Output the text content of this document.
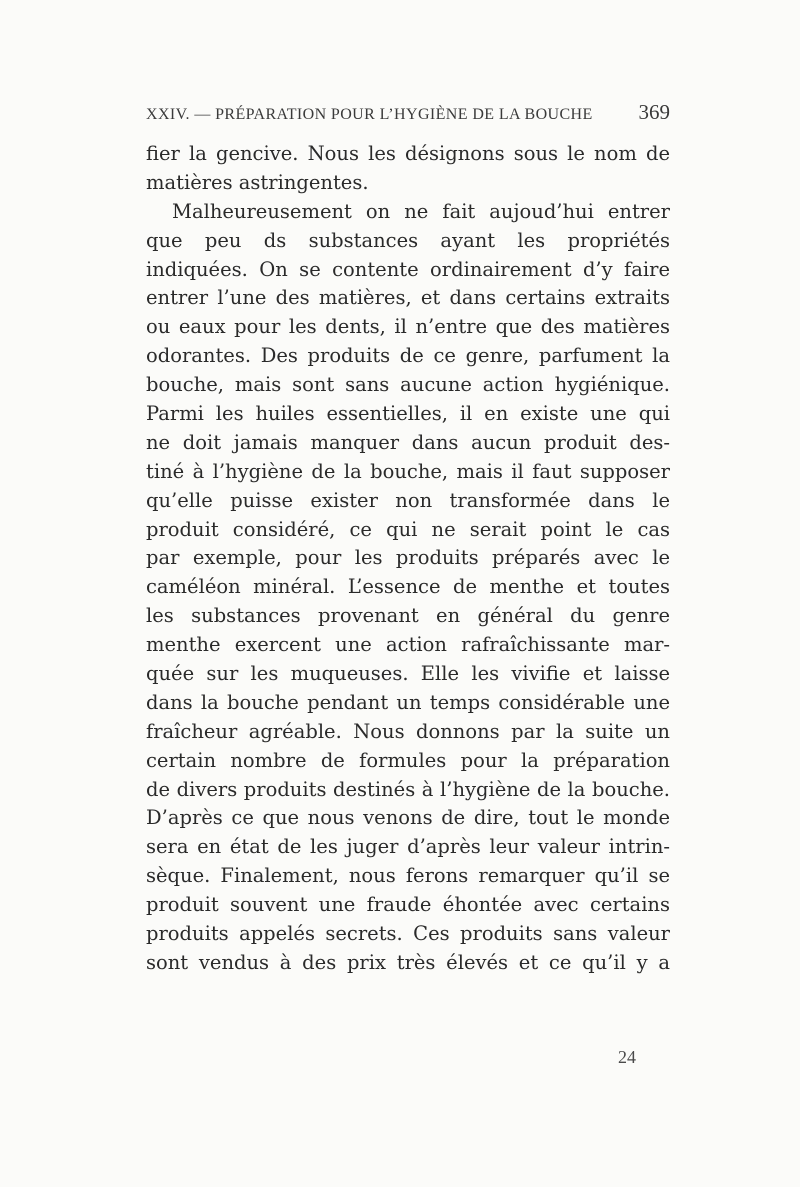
XXIV. — PRÉPARATION POUR L’HYGIÈNE DE LA BOUCHE 369
fier la gencive. Nous les désignons sous le nom de
matières astringentes.
Malheureusement on ne fait aujoud’hui entrer
que peu ds substances ayant les propriétés
indiquées. On se contente ordinairement d’y faire
entrer l’une des matières, et dans certains extraits
ou eaux pour les dents, il n’entre que des matières
odorantes. Des produits de ce genre, parfument la
bouche, mais sont sans aucune action hygiénique.
Parmi les huiles essentielles, il en existe une qui
ne doit jamais manquer dans aucun produit des-
tiné à l’hygiène de la bouche, mais il faut supposer
qu’elle puisse exister non transformée dans le
produit considéré, ce qui ne serait point le cas
par exemple, pour les produits préparés avec le
caméléon minéral. L’essence de menthe et toutes
les substances provenant en général du genre
menthe exercent une action rafraîchissante mar-
quée sur les muqueuses. Elle les vivifie et laisse
dans la bouche pendant un temps considérable une
fraîcheur agréable. Nous donnons par la suite un
certain nombre de formules pour la préparation
de divers produits destinés à l’hygiène de la bouche.
D’après ce que nous venons de dire, tout le monde
sera en état de les juger d’après leur valeur intrin-
sèque. Finalement, nous ferons remarquer qu’il se
produit souvent une fraude éhontée avec certains
produits appelés secrets. Ces produits sans valeur
sont vendus à des prix très élevés et ce qu’il y a
24
